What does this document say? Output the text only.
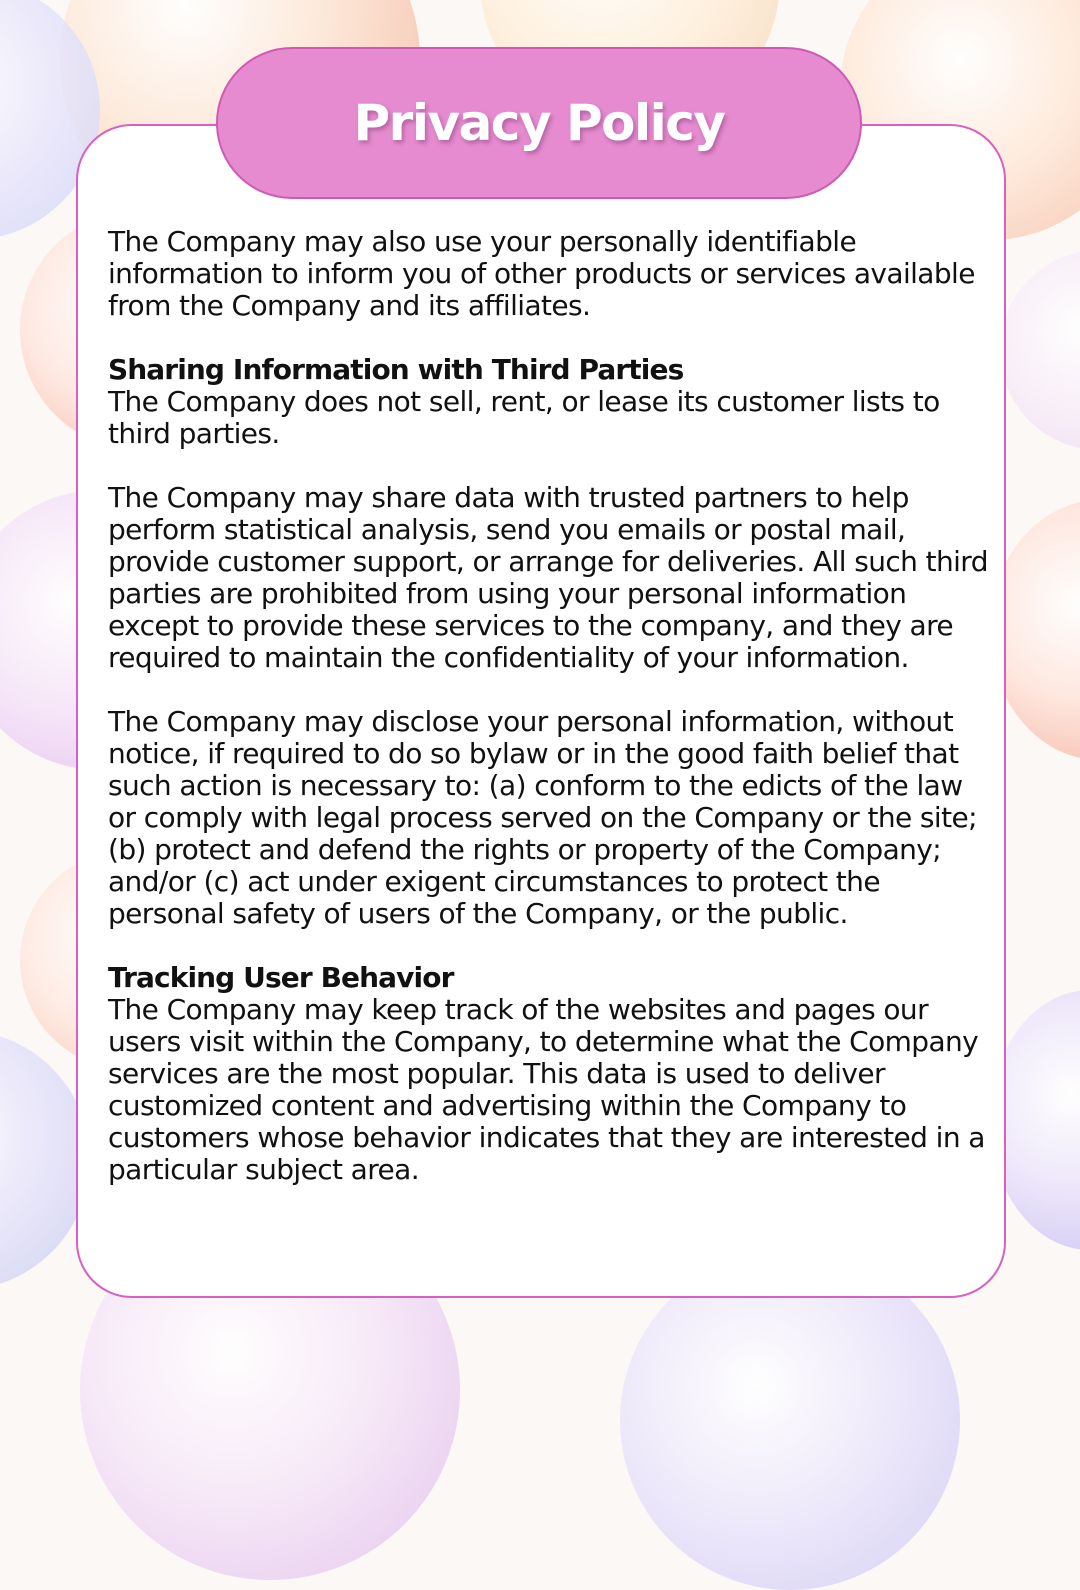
Privacy Policy

The Company may also use your personally identifiable information to inform you of other products or services available from the Company and its affiliates.

Sharing Information with Third Parties
The Company does not sell, rent, or lease its customer lists to third parties.

The Company may share data with trusted partners to help perform statistical analysis, send you emails or postal mail, provide customer support, or arrange for deliveries. All such third parties are prohibited from using your personal information except to provide these services to the company, and they are required to maintain the confidentiality of your information.

The Company may disclose your personal information, without notice, if required to do so bylaw or in the good faith belief that such action is necessary to: (a) conform to the edicts of the law or comply with legal process served on the Company or the site; (b) protect and defend the rights or property of the Company; and/or (c) act under exigent circumstances to protect the personal safety of users of the Company, or the public.

Tracking User Behavior
The Company may keep track of the websites and pages our users visit within the Company, to determine what the Company services are the most popular. This data is used to deliver customized content and advertising within the Company to customers whose behavior indicates that they are interested in a particular subject area.
